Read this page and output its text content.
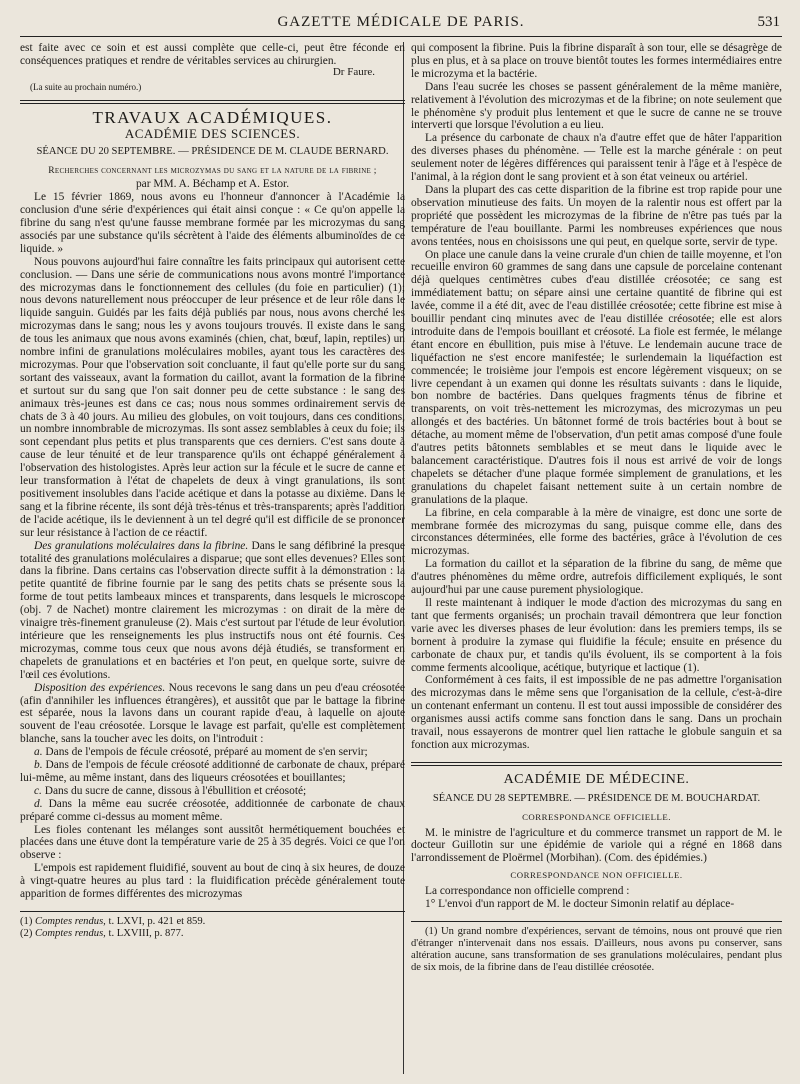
GAZETTE MÉDICALE DE PARIS.	531

est faite avec ce soin et est aussi complète que celle-ci, peut être féconde en conséquences pratiques et rendre de véritables services au chirurgien.

Dr Faure.

(La suite au prochain numéro.)

TRAVAUX ACADÉMIQUES.

ACADÉMIE DES SCIENCES.

SÉANCE DU 20 SEPTEMBRE. — PRÉSIDENCE DE M. CLAUDE BERNARD.

Recherches concernant les microzymas du sang et la nature de la fibrine ;
par MM. A. Béchamp et A. Estor.

Le 15 février 1869, nous avons eu l'honneur d'annoncer à l'Académie la conclusion d'une série d'expériences qui était ainsi conçue : « Ce qu'on appelle la fibrine du sang n'est qu'une fausse membrane formée par les microzymas du sang associés par une substance qu'ils sécrètent à l'aide des éléments albuminoïdes de ce liquide. »

Nous pouvons aujourd'hui faire connaître les faits principaux qui autorisent cette conclusion. — Dans une série de communications nous avons montré l'importance des microzymas dans le fonctionnement des cellules (du foie en particulier) (1); nous devons naturellement nous préoccuper de leur présence et de leur rôle dans le liquide sanguin. Guidés par les faits déjà publiés par nous, nous avons cherché les microzymas dans le sang; nous les y avons toujours trouvés. Il existe dans le sang de tous les animaux que nous avons examinés (chien, chat, bœuf, lapin, reptiles) un nombre infini de granulations moléculaires mobiles, ayant tous les caractères des microzymas. Pour que l'observation soit concluante, il faut qu'elle porte sur du sang sortant des vaisseaux, avant la formation du caillot, avant la formation de la fibrine et surtout sur du sang que l'on sait donner peu de cette substance : le sang des animaux très-jeunes est dans ce cas; nous nous sommes ordinairement servis de chats de 3 à 40 jours. Au milieu des globules, on voit toujours, dans ces conditions, un nombre innombrable de microzymas. Ils sont assez semblables à ceux du foie; ils sont cependant plus petits et plus transparents que ces derniers. C'est sans doute à cause de leur ténuité et de leur transparence qu'ils ont échappé généralement à l'observation des histologistes. Après leur action sur la fécule et le sucre de canne et leur transformation à l'état de chapelets de deux à vingt granulations, ils sont positivement insolubles dans l'acide acétique et dans la potasse au dixième. Dans le sang et la fibrine récente, ils sont déjà très-ténus et très-transparents; après l'addition de l'acide acétique, ils le deviennent à un tel degré qu'il est difficile de se prononcer sur leur résistance à l'action de ce réactif.

Des granulations moléculaires dans la fibrine. Dans le sang défibriné la presque totalité des granulations moléculaires a disparue; que sont elles devenues? Elles sont dans la fibrine. Dans certains cas l'observation directe suffit à la démonstration : la petite quantité de fibrine fournie par le sang des petits chats se présente sous la forme de tout petits lambeaux minces et transparents, dans lesquels le microscope (obj. 7 de Nachet) montre clairement les microzymas : on dirait de la mère de vinaigre très-finement granuleuse (2). Mais c'est surtout par l'étude de leur évolution intérieure que les renseignements les plus instructifs nous ont été fournis. Ces microzymas, comme tous ceux que nous avons déjà étudiés, se transforment en chapelets de granulations et en bactéries et l'on peut, en quelque sorte, suivre de l'œil ces évolutions.

Disposition des expériences. Nous recevons le sang dans un peu d'eau créosotée (afin d'annihiler les influences étrangères), et aussitôt que par le battage la fibrine est séparée, nous la lavons dans un courant rapide d'eau, à laquelle on ajoute souvent de l'eau créosotée. Lorsque le lavage est parfait, qu'elle est complètement blanche, sans la toucher avec les doits, on l'introduit :

a. Dans de l'empois de fécule créosoté, préparé au moment de s'en servir;

b. Dans de l'empois de fécule créosoté additionné de carbonate de chaux, préparé lui-même, au même instant, dans des liqueurs créosotées et bouillantes;

c. Dans du sucre de canne, dissous à l'ébullition et créosoté;

d. Dans la même eau sucrée créosotée, additionnée de carbonate de chaux préparé comme ci-dessus au moment même.

Les fioles contenant les mélanges sont aussitôt hermétiquement bouchées et placées dans une étuve dont la température varie de 25 à 35 degrés. Voici ce que l'on observe :

L'empois est rapidement fluidifié, souvent au bout de cinq à six heures, de douze à vingt-quatre heures au plus tard : la fluidification précède généralement toute apparition de formes différentes des microzymas

(1) Comptes rendus, t. LXVI, p. 421 et 859.

(2) Comptes rendus, t. LXVIII, p. 877.

qui composent la fibrine. Puis la fibrine disparaît à son tour, elle se désagrège de plus en plus, et à sa place on trouve bientôt toutes les formes intermédiaires entre le microzyma et la bactérie.

Dans l'eau sucrée les choses se passent généralement de la même manière, relativement à l'évolution des microzymas et de la fibrine; on note seulement que le phénomène s'y produit plus lentement et que le sucre de canne ne se trouve interverti que lorsque l'évolution a eu lieu.

La présence du carbonate de chaux n'a d'autre effet que de hâter l'apparition des diverses phases du phénomène. — Telle est la marche générale : on peut seulement noter de légères différences qui paraissent tenir à l'âge et à l'espèce de l'animal, à la région dont le sang provient et à son état veineux ou artériel.

Dans la plupart des cas cette disparition de la fibrine est trop rapide pour une observation minutieuse des faits. Un moyen de la ralentir nous est offert par la propriété que possèdent les microzymas de la fibrine de n'être pas tués par la température de l'eau bouillante. Parmi les nombreuses expériences que nous avons tentées, nous en choisissons une qui peut, en quelque sorte, servir de type.

On place une canule dans la veine crurale d'un chien de taille moyenne, et l'on recueille environ 60 grammes de sang dans une capsule de porcelaine contenant déjà quelques centimètres cubes d'eau distillée créosotée; ce sang est immédiatement battu; on sépare ainsi une certaine quantité de fibrine qui est lavée, comme il a été dit, avec de l'eau distillée créosotée; cette fibrine est mise à bouillir pendant cinq minutes avec de l'eau distillée créosotée; elle est alors introduite dans de l'empois bouillant et créosoté. La fiole est fermée, le mélange étant encore en ébullition, puis mise à l'étuve. Le lendemain aucune trace de liquéfaction ne s'est encore manifestée; le surlendemain la liquéfaction est commencée; le troisième jour l'empois est encore légèrement visqueux; on se livre cependant à un examen qui donne les résultats suivants : dans le liquide, bon nombre de bactéries. Dans quelques fragments ténus de fibrine et transparents, on voit très-nettement les microzymas, des microzymas un peu allongés et des bactéries. Un bâtonnet formé de trois bactéries bout à bout se détache, au moment même de l'observation, d'un petit amas composé d'une foule d'autres petits bâtonnets semblables et se meut dans le liquide avec le balancement caractéristique. D'autres fois il nous est arrivé de voir de longs chapelets se détacher d'une plaque formée simplement de granulations, et les granulations du chapelet faisant nettement suite à un certain nombre de granulations de la plaque.

La fibrine, en cela comparable à la mère de vinaigre, est donc une sorte de membrane formée des microzymas du sang, puisque comme elle, dans des circonstances déterminées, elle forme des bactéries, grâce à l'évolution de ces microzymas.

La formation du caillot et la séparation de la fibrine du sang, de même que d'autres phénomènes du même ordre, autrefois difficilement expliqués, le sont aujourd'hui par une cause purement physiologique.

Il reste maintenant à indiquer le mode d'action des microzymas du sang en tant que ferments organisés; un prochain travail démontrera que leur fonction varie avec les diverses phases de leur évolution: dans les premiers temps, ils se bornent à produire la zymase qui fluidifie la fécule; ensuite en présence du carbonate de chaux pur, et tandis qu'ils évoluent, ils se comportent à la fois comme ferments alcoolique, acétique, butyrique et lactique (1).

Conformément à ces faits, il est impossible de ne pas admettre l'organisation des microzymas dans le même sens que l'organisation de la cellule, c'est-à-dire un contenant enfermant un contenu. Il est tout aussi impossible de considérer des organismes aussi actifs comme sans fonction dans le sang. Dans un prochain travail, nous essayerons de montrer quel lien rattache le globule sanguin et sa fonction aux microzymas.

ACADÉMIE DE MÉDECINE.

SÉANCE DU 28 SEPTEMBRE. — PRÉSIDENCE DE M. BOUCHARDAT.

CORRESPONDANCE OFFICIELLE.

M. le ministre de l'agriculture et du commerce transmet un rapport de M. le docteur Guillotin sur une épidémie de variole qui a régné en 1868 dans l'arrondissement de Ploërmel (Morbihan). (Com. des épidémies.)

CORRESPONDANCE NON OFFICIELLE.

La correspondance non officielle comprend :

1° L'envoi d'un rapport de M. le docteur Simonin relatif au déplace-

(1) Un grand nombre d'expériences, servant de témoins, nous ont prouvé que rien d'étranger n'intervenait dans nos essais. D'ailleurs, nous avons pu conserver, sans altération aucune, sans transformation de ses granulations moléculaires, pendant plus de six mois, de la fibrine dans de l'eau distillée créosotée.
